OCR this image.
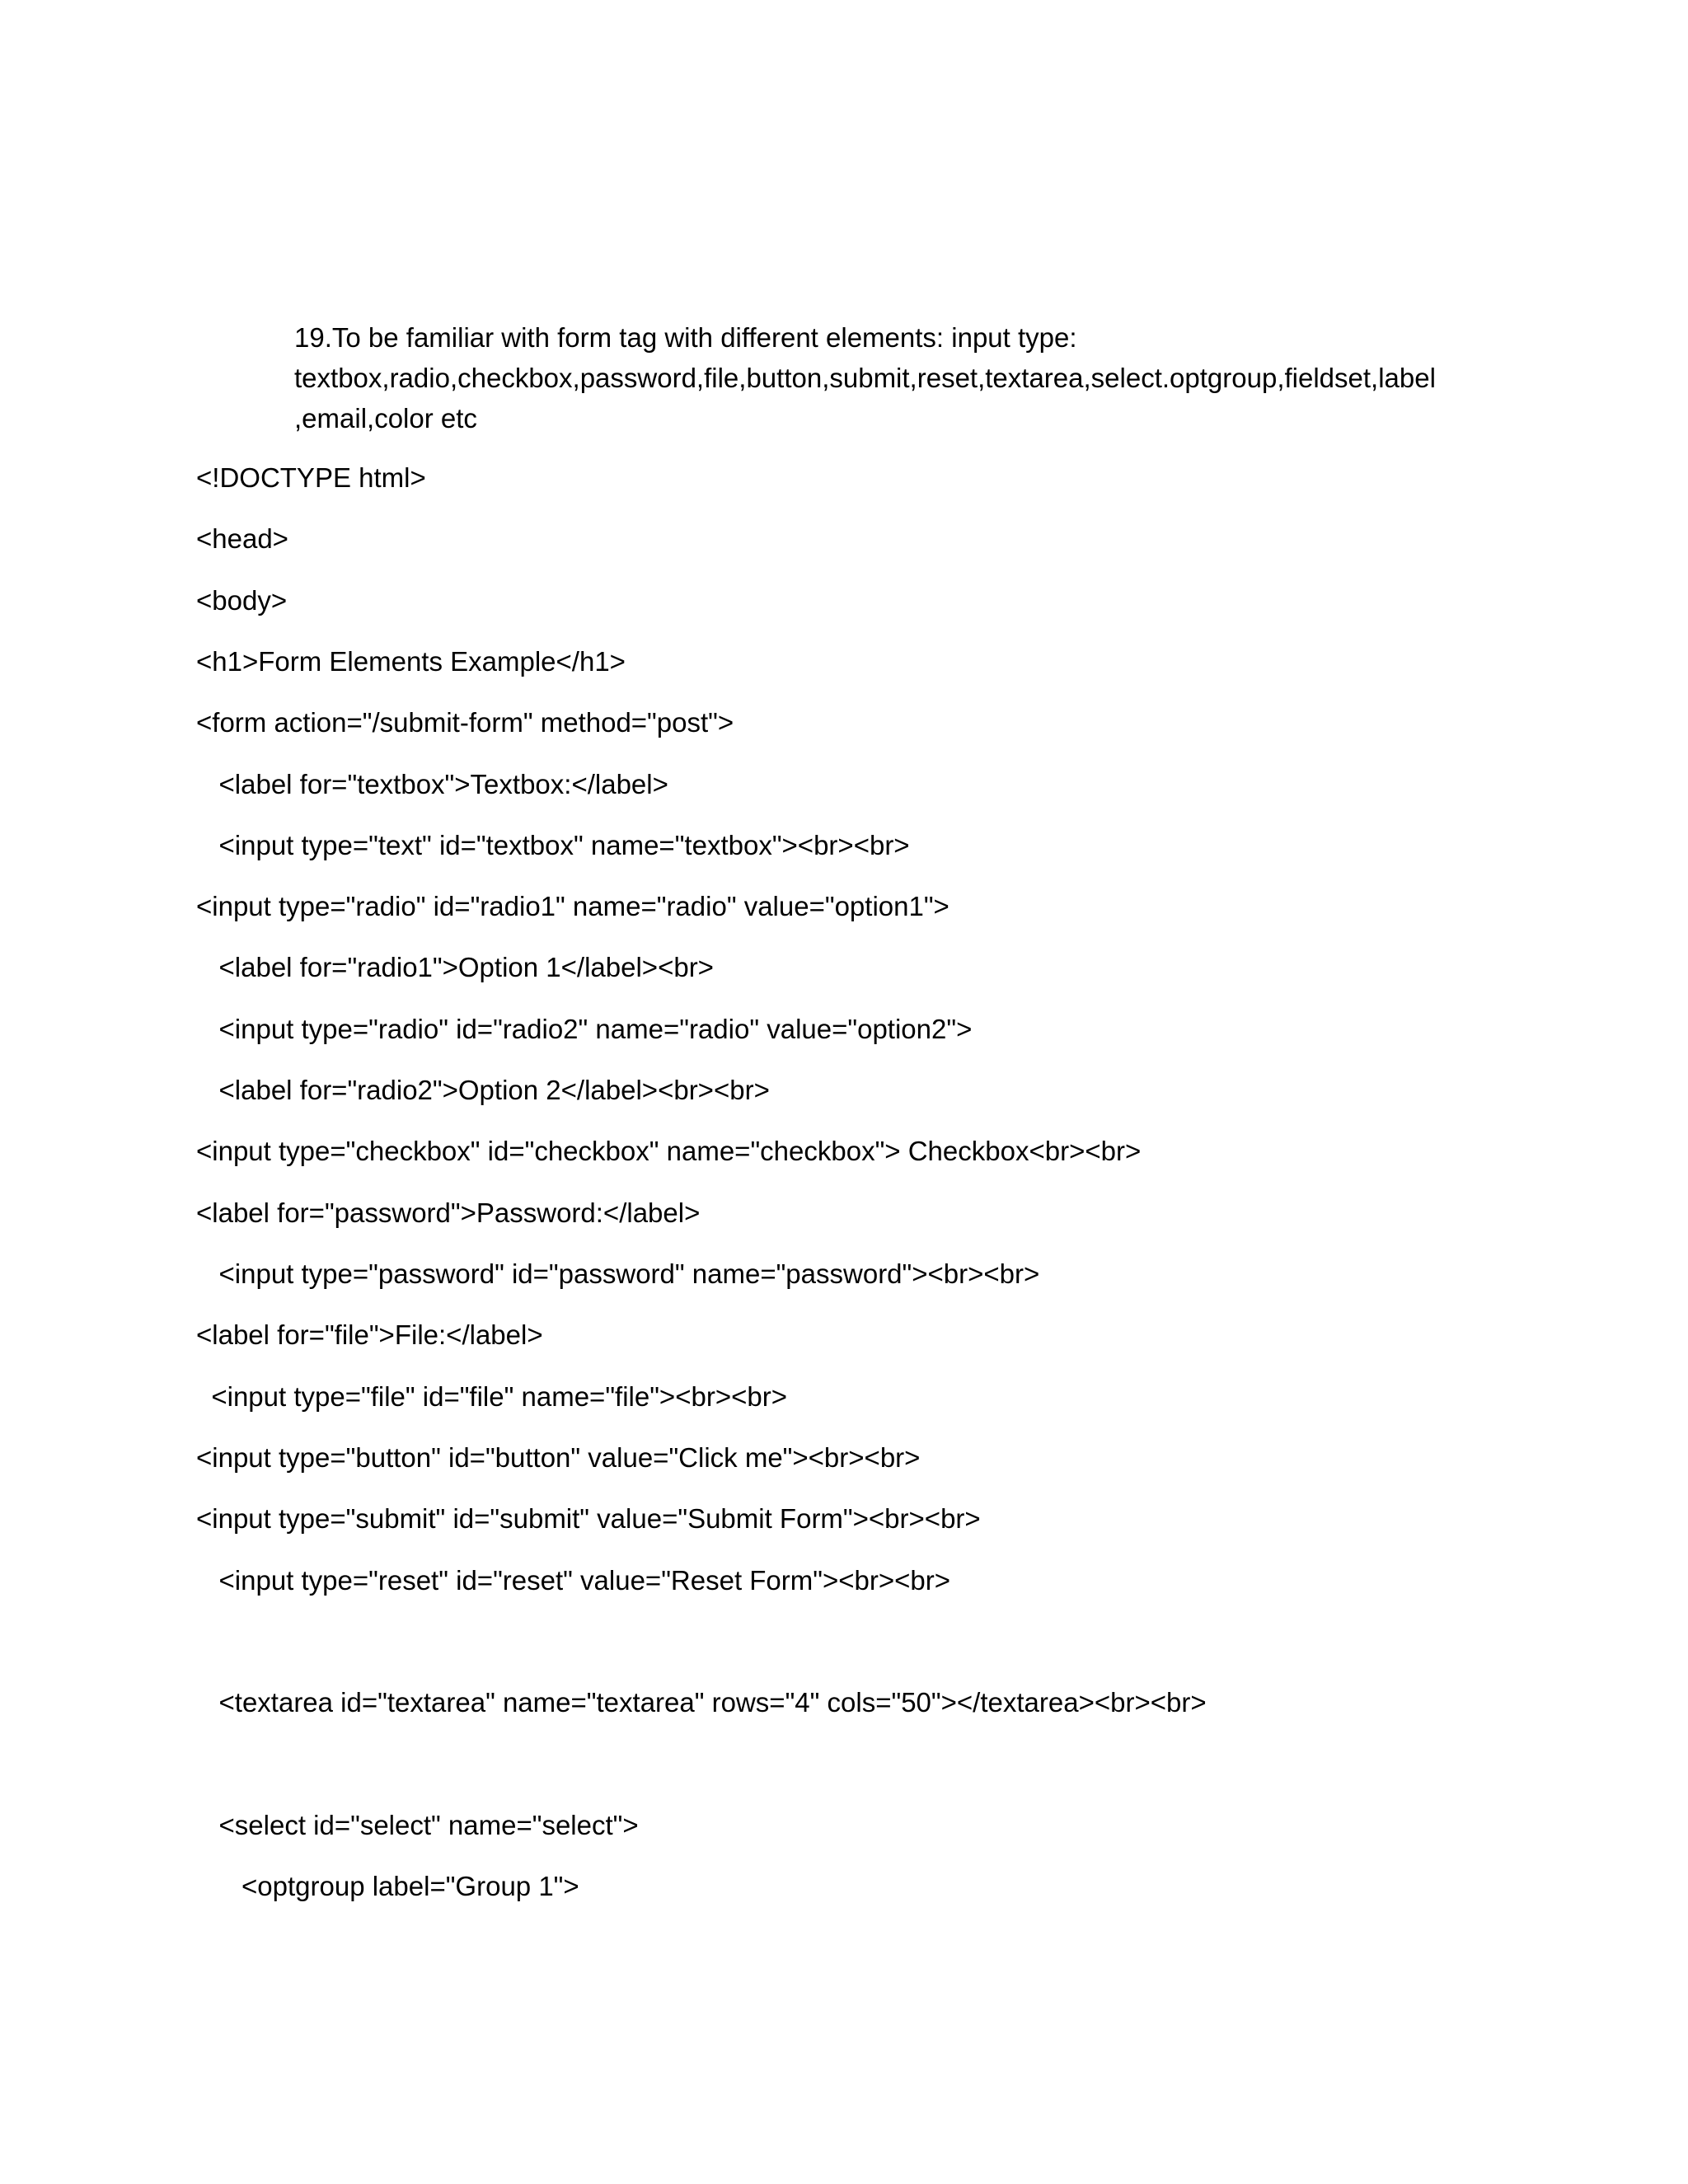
19.To be familiar with form tag with different elements: input type: textbox,radio,checkbox,password,file,button,submit,reset,textarea,select.optgroup,fieldset,label ,email,color etc
<!DOCTYPE html>
<head>
<body>
<h1>Form Elements Example</h1>
<form action="/submit-form" method="post">
<label for="textbox">Textbox:</label>
<input type="text" id="textbox" name="textbox"><br><br>
<input type="radio" id="radio1" name="radio" value="option1">
<label for="radio1">Option 1</label><br>
<input type="radio" id="radio2" name="radio" value="option2">
<label for="radio2">Option 2</label><br><br>
<input type="checkbox" id="checkbox" name="checkbox"> Checkbox<br><br>
<label for="password">Password:</label>
<input type="password" id="password" name="password"><br><br>
<label for="file">File:</label>
<input type="file" id="file" name="file"><br><br>
<input type="button" id="button" value="Click me"><br><br>
<input type="submit" id="submit" value="Submit Form"><br><br>
<input type="reset" id="reset" value="Reset Form"><br><br>
<textarea id="textarea" name="textarea" rows="4" cols="50"></textarea><br><br>
<select id="select" name="select">
<optgroup label="Group 1">
